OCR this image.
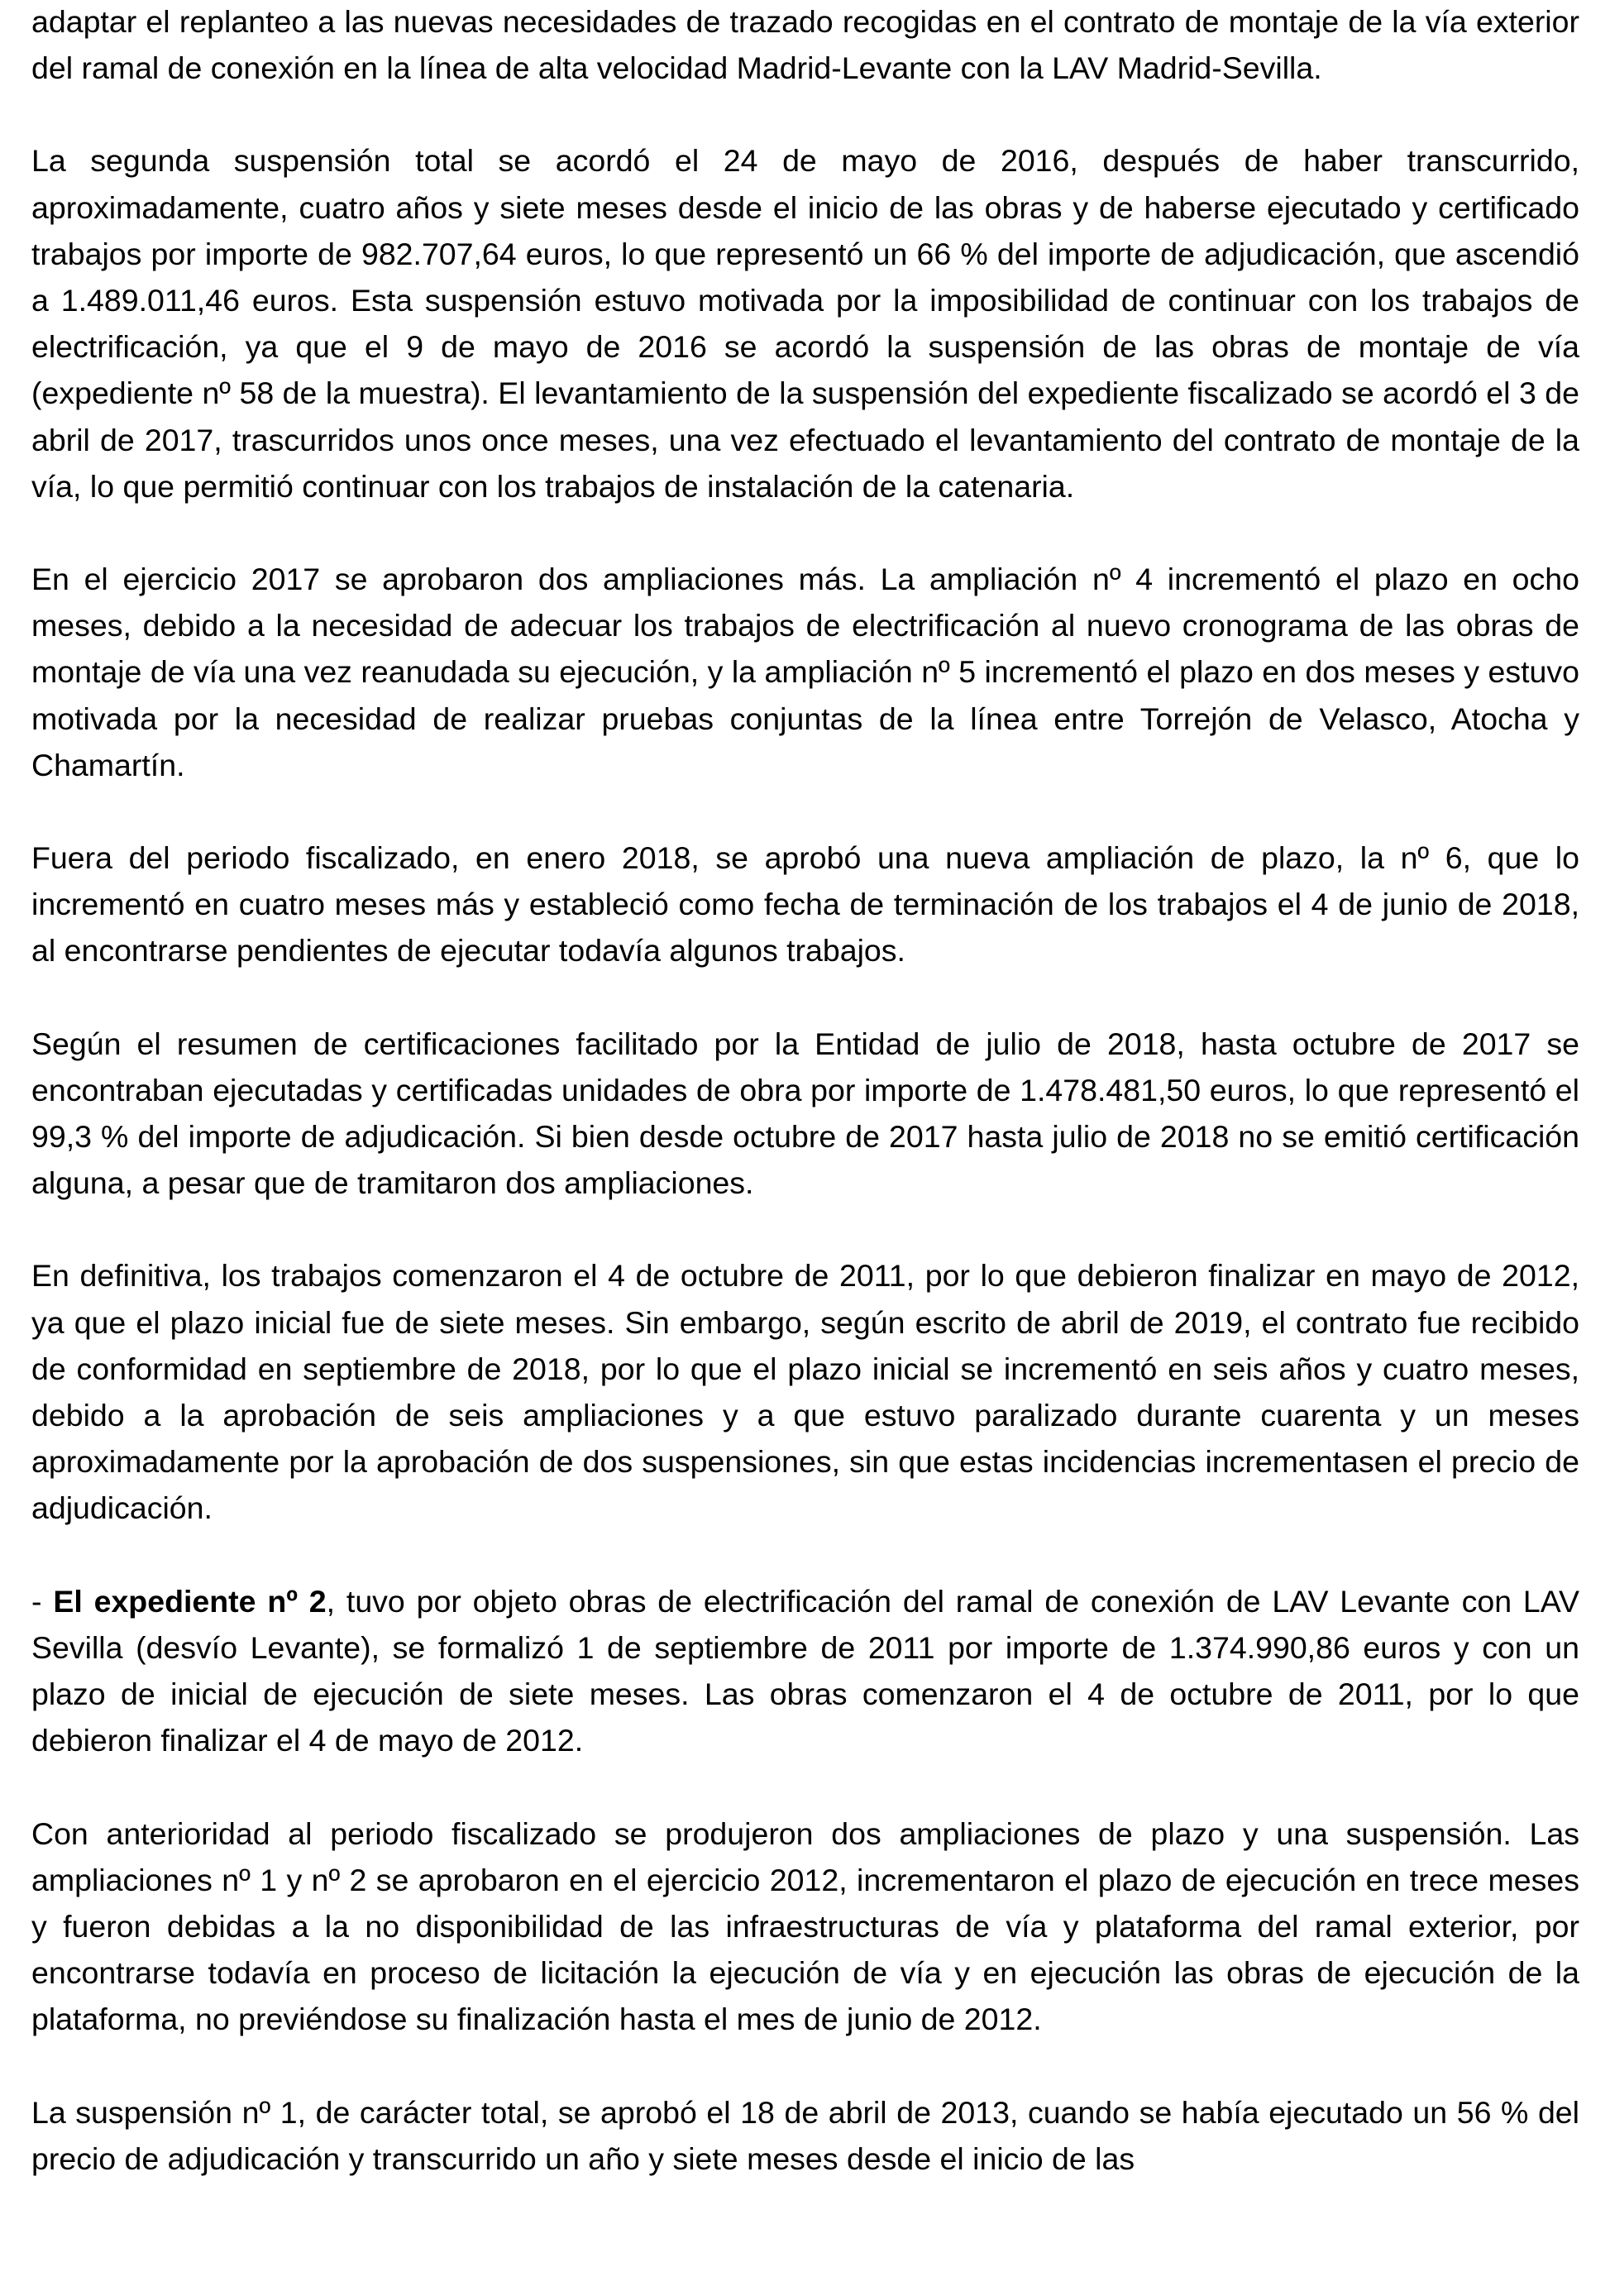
adaptar el replanteo a las nuevas necesidades de trazado recogidas en el contrato de montaje de la vía exterior del ramal de conexión en la línea de alta velocidad Madrid-Levante con la LAV Madrid-Sevilla.

La segunda suspensión total se acordó el 24 de mayo de 2016, después de haber transcurrido, aproximadamente, cuatro años y siete meses desde el inicio de las obras y de haberse ejecutado y certificado trabajos por importe de 982.707,64 euros, lo que representó un 66 % del importe de adjudicación, que ascendió a 1.489.011,46 euros. Esta suspensión estuvo motivada por la imposibilidad de continuar con los trabajos de electrificación, ya que el 9 de mayo de 2016 se acordó la suspensión de las obras de montaje de vía (expediente nº 58 de la muestra). El levantamiento de la suspensión del expediente fiscalizado se acordó el 3 de abril de 2017, trascurridos unos once meses, una vez efectuado el levantamiento del contrato de montaje de la vía, lo que permitió continuar con los trabajos de instalación de la catenaria.

En el ejercicio 2017 se aprobaron dos ampliaciones más. La ampliación nº 4 incrementó el plazo en ocho meses, debido a la necesidad de adecuar los trabajos de electrificación al nuevo cronograma de las obras de montaje de vía una vez reanudada su ejecución, y la ampliación nº 5 incrementó el plazo en dos meses y estuvo motivada por la necesidad de realizar pruebas conjuntas de la línea entre Torrejón de Velasco, Atocha y Chamartín.

Fuera del periodo fiscalizado, en enero 2018, se aprobó una nueva ampliación de plazo, la nº 6, que lo incrementó en cuatro meses más y estableció como fecha de terminación de los trabajos el 4 de junio de 2018, al encontrarse pendientes de ejecutar todavía algunos trabajos.

Según el resumen de certificaciones facilitado por la Entidad de julio de 2018, hasta octubre de 2017 se encontraban ejecutadas y certificadas unidades de obra por importe de 1.478.481,50 euros, lo que representó el 99,3 % del importe de adjudicación. Si bien desde octubre de 2017 hasta julio de 2018 no se emitió certificación alguna, a pesar que de tramitaron dos ampliaciones.

En definitiva, los trabajos comenzaron el 4 de octubre de 2011, por lo que debieron finalizar en mayo de 2012, ya que el plazo inicial fue de siete meses. Sin embargo, según escrito de abril de 2019, el contrato fue recibido de conformidad en septiembre de 2018, por lo que el plazo inicial se incrementó en seis años y cuatro meses, debido a la aprobación de seis ampliaciones y a que estuvo paralizado durante cuarenta y un meses aproximadamente por la aprobación de dos suspensiones, sin que estas incidencias incrementasen el precio de adjudicación.

- El expediente nº 2, tuvo por objeto obras de electrificación del ramal de conexión de LAV Levante con LAV Sevilla (desvío Levante), se formalizó 1 de septiembre de 2011 por importe de 1.374.990,86 euros y con un plazo de inicial de ejecución de siete meses. Las obras comenzaron el 4 de octubre de 2011, por lo que debieron finalizar el 4 de mayo de 2012.

Con anterioridad al periodo fiscalizado se produjeron dos ampliaciones de plazo y una suspensión. Las ampliaciones nº 1 y nº 2 se aprobaron en el ejercicio 2012, incrementaron el plazo de ejecución en trece meses y fueron debidas a la no disponibilidad de las infraestructuras de vía y plataforma del ramal exterior, por encontrarse todavía en proceso de licitación la ejecución de vía y en ejecución las obras de ejecución de la plataforma, no previéndose su finalización hasta el mes de junio de 2012.

La suspensión nº 1, de carácter total, se aprobó el 18 de abril de 2013, cuando se había ejecutado un 56 % del precio de adjudicación y transcurrido un año y siete meses desde el inicio de las
